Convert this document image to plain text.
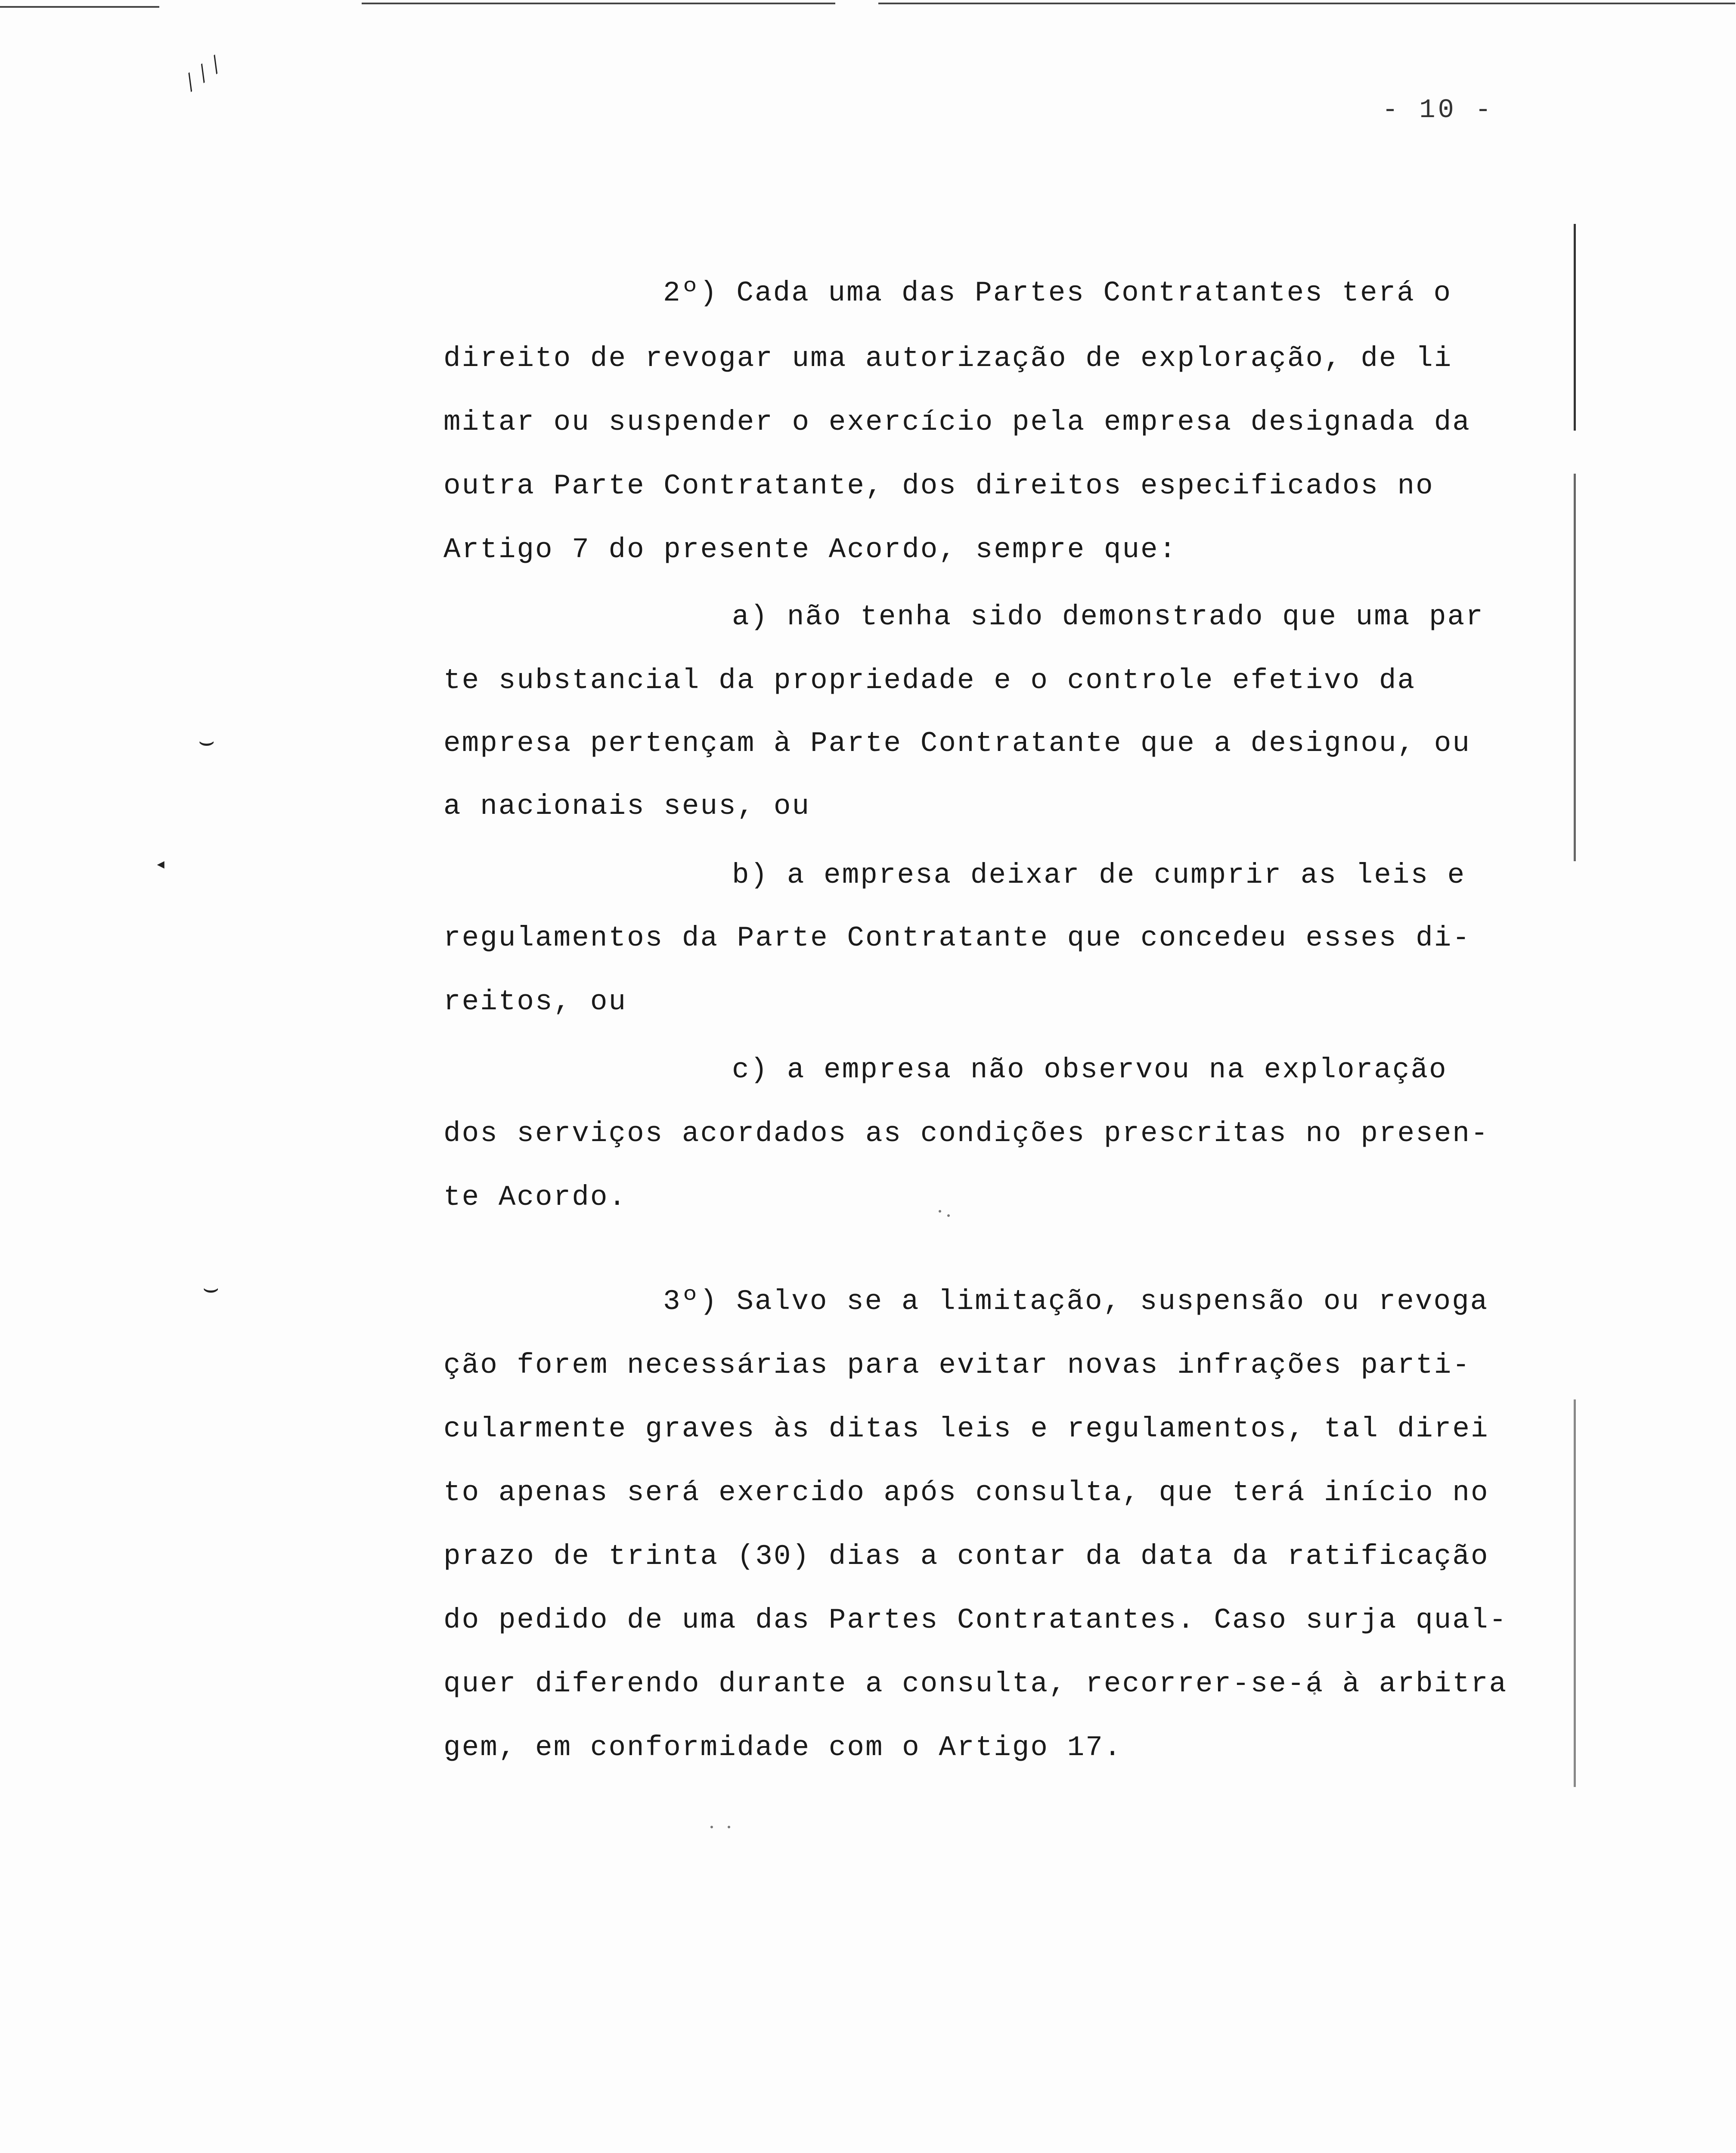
⁄⁄⁄
⌣
⌣
◂
- 10 -
2º) Cada uma das Partes Contratantes terá o
direito de revogar uma autorização de exploração, de li
mitar ou suspender o exercício pela empresa designada da
outra Parte Contratante, dos direitos especificados no
Artigo 7 do presente Acordo, sempre que:
a) não tenha sido demonstrado que uma par
te substancial da propriedade e o controle efetivo da
empresa pertençam à Parte Contratante que a designou, ou
a nacionais seus, ou
b) a empresa deixar de cumprir as leis e
regulamentos da Parte Contratante que concedeu esses di-
reitos, ou
c) a empresa não observou na exploração
dos serviços acordados as condições prescritas no presen-
te Acordo.
3º) Salvo se a limitação, suspensão ou revoga
ção forem necessárias para evitar novas infrações parti-
cularmente graves às ditas leis e regulamentos, tal direi
to apenas será exercido após consulta, que terá início no
prazo de trinta (30) dias a contar da data da ratificação
do pedido de uma das Partes Contratantes. Caso surja qual-
quer diferendo durante a consulta, recorrer-se-á à arbitra
gem, em conformidade com o Artigo 17.
